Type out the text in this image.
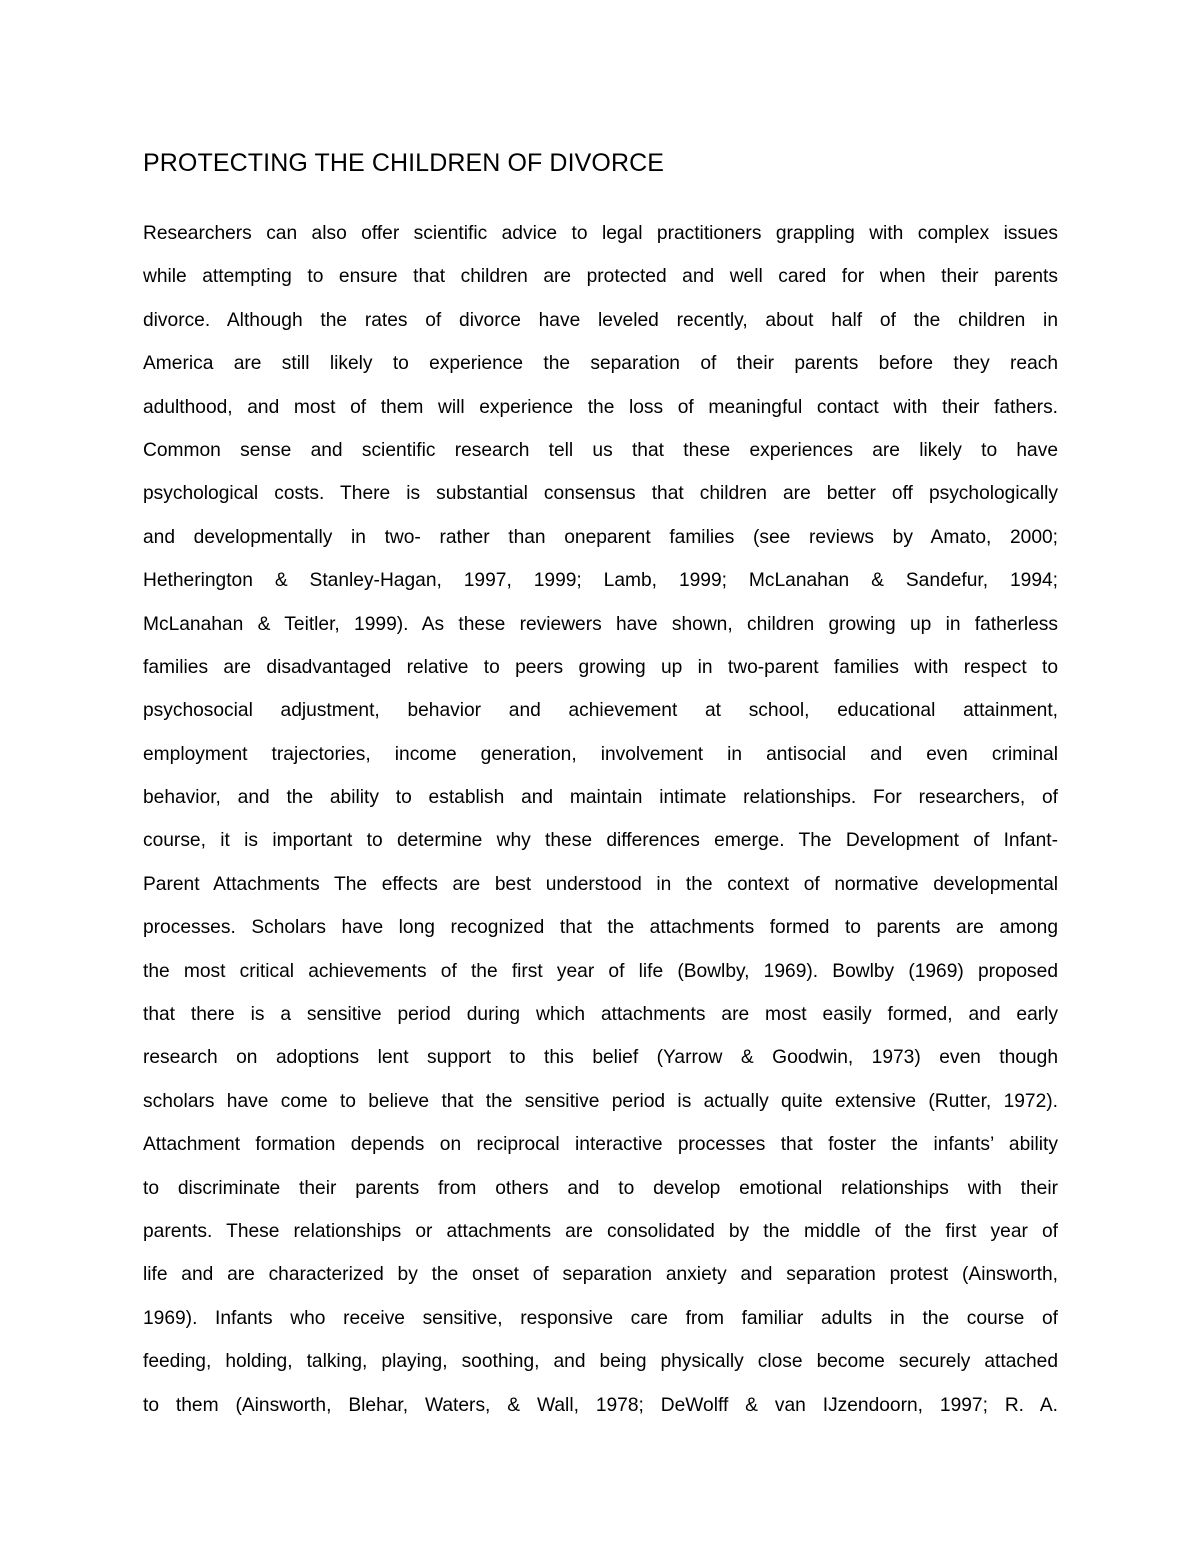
PROTECTING THE CHILDREN OF DIVORCE
Researchers can also offer scientific advice to legal practitioners grappling with complex issues
while attempting to ensure that children are protected and well cared for when their parents
divorce. Although the rates of divorce have leveled recently, about half of the children in
America are still likely to experience the separation of their parents before they reach
adulthood, and most of them will experience the loss of meaningful contact with their fathers.
Common sense and scientific research tell us that these experiences are likely to have
psychological costs. There is substantial consensus that children are better off psychologically
and developmentally in two- rather than oneparent families (see reviews by Amato, 2000;
Hetherington & Stanley-Hagan, 1997, 1999; Lamb, 1999; McLanahan & Sandefur, 1994;
McLanahan & Teitler, 1999). As these reviewers have shown, children growing up in fatherless
families are disadvantaged relative to peers growing up in two-parent families with respect to
psychosocial adjustment, behavior and achievement at school, educational attainment,
employment trajectories, income generation, involvement in antisocial and even criminal
behavior, and the ability to establish and maintain intimate relationships. For researchers, of
course, it is important to determine why these differences emerge. The Development of Infant-
Parent Attachments The effects are best understood in the context of normative developmental
processes. Scholars have long recognized that the attachments formed to parents are among
the most critical achievements of the first year of life (Bowlby, 1969). Bowlby (1969) proposed
that there is a sensitive period during which attachments are most easily formed, and early
research on adoptions lent support to this belief (Yarrow & Goodwin, 1973) even though
scholars have come to believe that the sensitive period is actually quite extensive (Rutter, 1972).
Attachment formation depends on reciprocal interactive processes that foster the infants’ ability
to discriminate their parents from others and to develop emotional relationships with their
parents. These relationships or attachments are consolidated by the middle of the first year of
life and are characterized by the onset of separation anxiety and separation protest (Ainsworth,
1969). Infants who receive sensitive, responsive care from familiar adults in the course of
feeding, holding, talking, playing, soothing, and being physically close become securely attached
to them (Ainsworth, Blehar, Waters, & Wall, 1978; DeWolff & van IJzendoorn, 1997; R. A.
